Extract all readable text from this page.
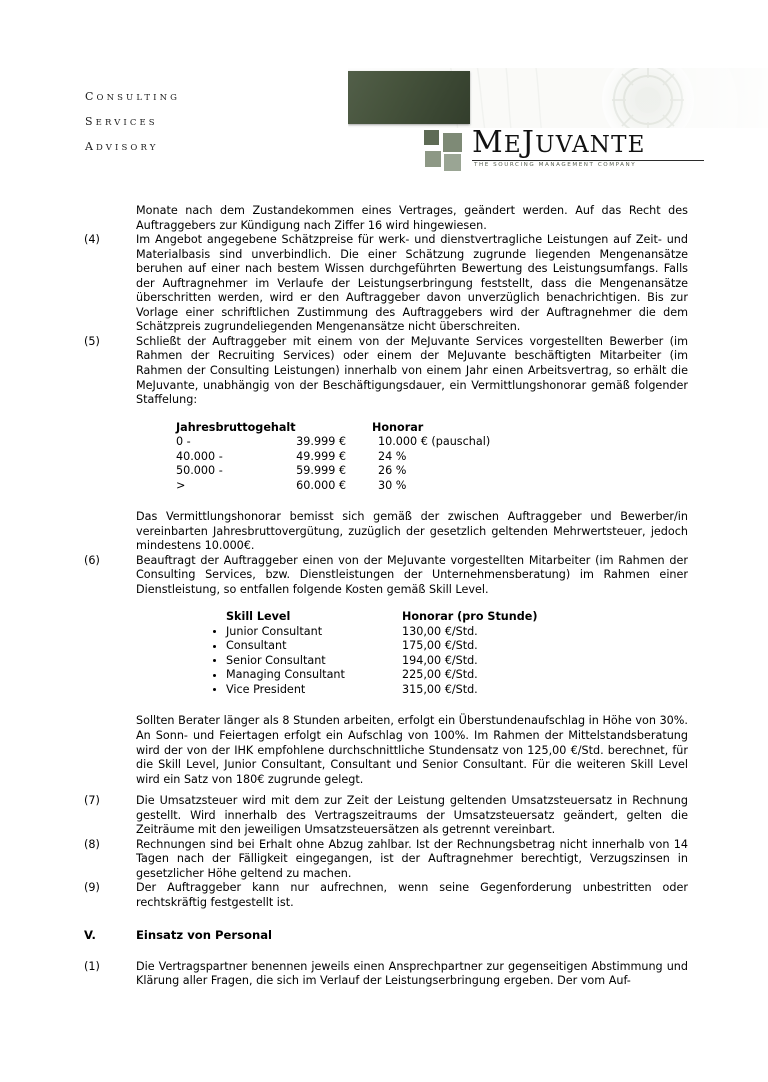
CONSULTING
SERVICES
ADVISORY	MEJUVANTE
THE SOURCING MANAGEMENT COMPANY

Monate nach dem Zustandekommen eines Vertrages, geändert werden. Auf das Recht des Auftraggebers zur Kündigung nach Ziffer 16 wird hingewiesen.

(4)	Im Angebot angegebene Schätzpreise für werk- und dienstvertragliche Leistungen auf Zeit- und Materialbasis sind unverbindlich. Die einer Schätzung zugrunde liegenden Mengenansätze beruhen auf einer nach bestem Wissen durchgeführten Bewertung des Leistungsumfangs. Falls der Auftragnehmer im Verlaufe der Leistungserbringung feststellt, dass die Mengenansätze überschritten werden, wird er den Auftraggeber davon unverzüglich benachrichtigen. Bis zur Vorlage einer schriftlichen Zustimmung des Auftraggebers wird der Auftragnehmer die dem Schätzpreis zugrundeliegenden Mengenansätze nicht überschreiten.

(5)	Schließt der Auftraggeber mit einem von der MeJuvante Services vorgestellten Bewerber (im Rahmen der Recruiting Services) oder einem der MeJuvante beschäftigten Mitarbeiter (im Rahmen der Consulting Leistungen) innerhalb von einem Jahr einen Arbeitsvertrag, so erhält die MeJuvante, unabhängig von der Beschäftigungsdauer, ein Vermittlungshonorar gemäß folgender Staffelung:

Jahresbruttogehalt	Honorar
0 -	39.999 €	10.000 € (pauschal)
40.000 -	49.999 €	24 %
50.000 -	59.999 €	26 %
>	60.000 €	30 %

Das Vermittlungshonorar bemisst sich gemäß der zwischen Auftraggeber und Bewerber/in vereinbarten Jahresbruttovergütung, zuzüglich der gesetzlich geltenden Mehrwertsteuer, jedoch mindestens 10.000€.

(6)	Beauftragt der Auftraggeber einen von der MeJuvante vorgestellten Mitarbeiter (im Rahmen der Consulting Services, bzw. Dienstleistungen der Unternehmensberatung) im Rahmen einer Dienstleistung, so entfallen folgende Kosten gemäß Skill Level.

Skill Level	Honorar (pro Stunde)
Junior Consultant	130,00 €/Std.
Consultant	175,00 €/Std.
Senior Consultant	194,00 €/Std.
Managing Consultant	225,00 €/Std.
Vice President	315,00 €/Std.

Sollten Berater länger als 8 Stunden arbeiten, erfolgt ein Überstundenaufschlag in Höhe von 30%. An Sonn- und Feiertagen erfolgt ein Aufschlag von 100%. Im Rahmen der Mittelstandsberatung wird der von der IHK empfohlene durchschnittliche Stundensatz von 125,00 €/Std. berechnet, für die Skill Level, Junior Consultant, Consultant und Senior Consultant. Für die weiteren Skill Level wird ein Satz von 180€ zugrunde gelegt.

(7)	Die Umsatzsteuer wird mit dem zur Zeit der Leistung geltenden Umsatzsteuersatz in Rechnung gestellt. Wird innerhalb des Vertragszeitraums der Umsatzsteuersatz geändert, gelten die Zeiträume mit den jeweiligen Umsatzsteuersätzen als getrennt vereinbart.

(8)	Rechnungen sind bei Erhalt ohne Abzug zahlbar. Ist der Rechnungsbetrag nicht innerhalb von 14 Tagen nach der Fälligkeit eingegangen, ist der Auftragnehmer berechtigt, Verzugszinsen in gesetzlicher Höhe geltend zu machen.

(9)	Der Auftraggeber kann nur aufrechnen, wenn seine Gegenforderung unbestritten oder rechtskräftig festgestellt ist.

V.	Einsatz von Personal

(1)	Die Vertragspartner benennen jeweils einen Ansprechpartner zur gegenseitigen Abstimmung und Klärung aller Fragen, die sich im Verlauf der Leistungserbringung ergeben. Der vom Auf-
